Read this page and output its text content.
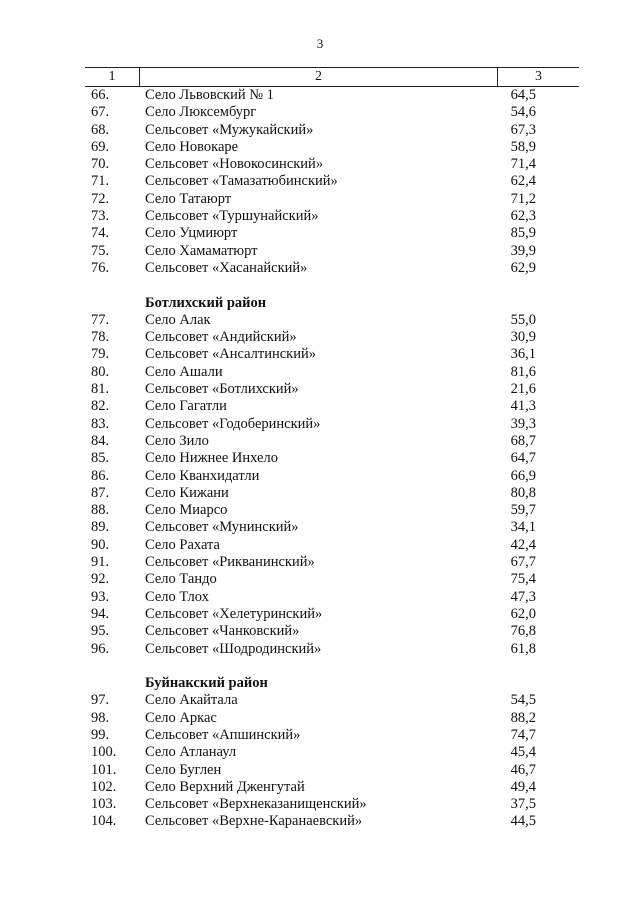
3
1	2	3
66.	Село Львовский № 1	64,5
67.	Село Люксембург	54,6
68.	Сельсовет «Мужукайский»	67,3
69.	Село Новокаре	58,9
70.	Сельсовет «Новокосинский»	71,4
71.	Сельсовет «Тамазатюбинский»	62,4
72.	Село Татаюрт	71,2
73.	Сельсовет «Туршунайский»	62,3
74.	Село Уцмиюрт	85,9
75.	Село Хамаматюрт	39,9
76.	Сельсовет «Хасанайский»	62,9
Ботлихский район
77.	Село Алак	55,0
78.	Сельсовет «Андийский»	30,9
79.	Сельсовет «Ансалтинский»	36,1
80.	Село Ашали	81,6
81.	Сельсовет «Ботлихский»	21,6
82.	Село Гагатли	41,3
83.	Сельсовет «Годоберинский»	39,3
84.	Село Зило	68,7
85.	Село Нижнее Инхело	64,7
86.	Село Кванхидатли	66,9
87.	Село Кижани	80,8
88.	Село Миарсо	59,7
89.	Сельсовет «Мунинский»	34,1
90.	Село Рахата	42,4
91.	Сельсовет «Рикванинский»	67,7
92.	Село Тандо	75,4
93.	Село Тлох	47,3
94.	Сельсовет «Хелетуринский»	62,0
95.	Сельсовет «Чанковский»	76,8
96.	Сельсовет «Шодродинский»	61,8
Буйнакский район
97.	Село Акайтала	54,5
98.	Село Аркас	88,2
99.	Сельсовет «Апшинский»	74,7
100.	Село Атланаул	45,4
101.	Село Буглен	46,7
102.	Село Верхний Дженгутай	49,4
103.	Сельсовет «Верхнеказанищенский»	37,5
104.	Сельсовет «Верхне-Каранаевский»	44,5
